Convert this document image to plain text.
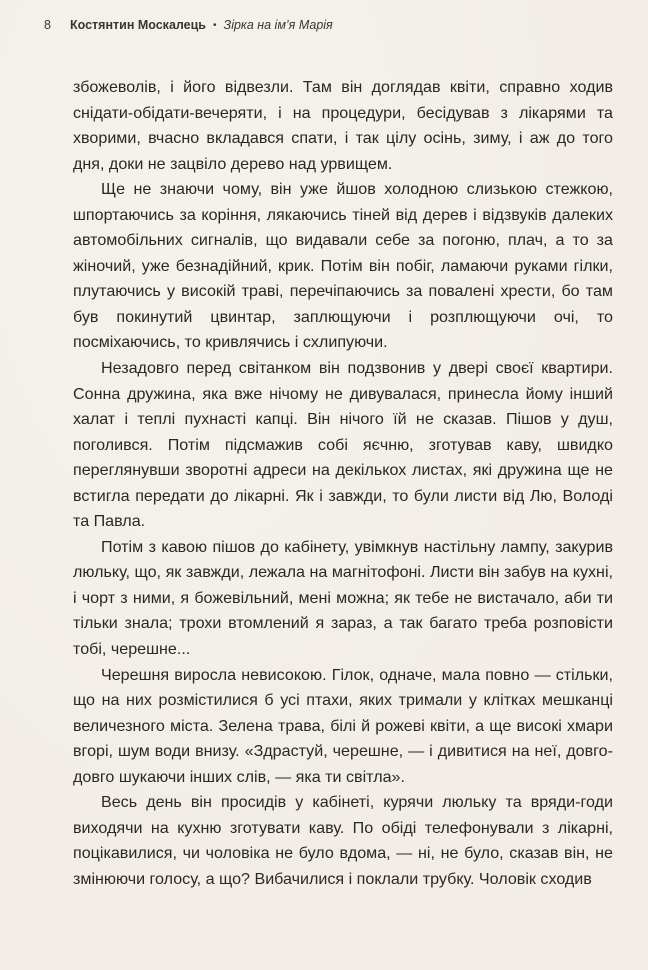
8 Костянтин Москалець • Зірка на ім’я Марія

збожеволів, і його відвезли. Там він доглядав квіти, справно ходив снідати-обідати-вечеряти, і на процедури, бесідував з лікарями та хворими, вчасно вкладався спати, і так цілу осінь, зиму, і аж до того дня, доки не зацвіло дерево над урвищем.

Ще не знаючи чому, він уже йшов холодною слизькою стежкою, шпортаючись за коріння, лякаючись тіней від дерев і відзвуків далеких автомобільних сигналів, що видавали себе за погоню, плач, а то за жіночий, уже безнадійний, крик. Потім він побіг, ламаючи руками гілки, плутаючись у високій траві, перечіпаючись за повалені хрести, бо там був покинутий цвинтар, заплющуючи і розплющуючи очі, то посміхаючись, то кривлячись і схлипуючи.

Незадовго перед світанком він подзвонив у двері своєї квартири. Сонна дружина, яка вже нічому не дивувалася, принесла йому інший халат і теплі пухнасті капці. Він нічого їй не сказав. Пішов у душ, поголився. Потім підсмажив собі яєчню, зготував каву, швидко переглянувши зворотні адреси на декількох листах, які дружина ще не встигла передати до лікарні. Як і завжди, то були листи від Лю, Володі та Павла.

Потім з кавою пішов до кабінету, увімкнув настільну лампу, закурив люльку, що, як завжди, лежала на магнітофоні. Листи він забув на кухні, і чорт з ними, я божевільний, мені можна; як тебе не вистачало, аби ти тільки знала; трохи втомлений я зараз, а так багато треба розповісти тобі, черешне...

Черешня виросла невисокою. Гілок, одначе, мала повно — стільки, що на них розмістилися б усі птахи, яких тримали у клітках мешканці величезного міста. Зелена трава, білі й рожеві квіти, а ще високі хмари вгорі, шум води внизу. «Здрастуй, черешне, — і дивитися на неї, довго-довго шукаючи інших слів, — яка ти світла».

Весь день він просидів у кабінеті, курячи люльку та вряди-годи виходячи на кухню зготувати каву. По обіді телефонували з лікарні, поцікавилися, чи чоловіка не було вдома, — ні, не було, сказав він, не змінюючи голосу, а що? Вибачилися і поклали трубку. Чоловік сходив
